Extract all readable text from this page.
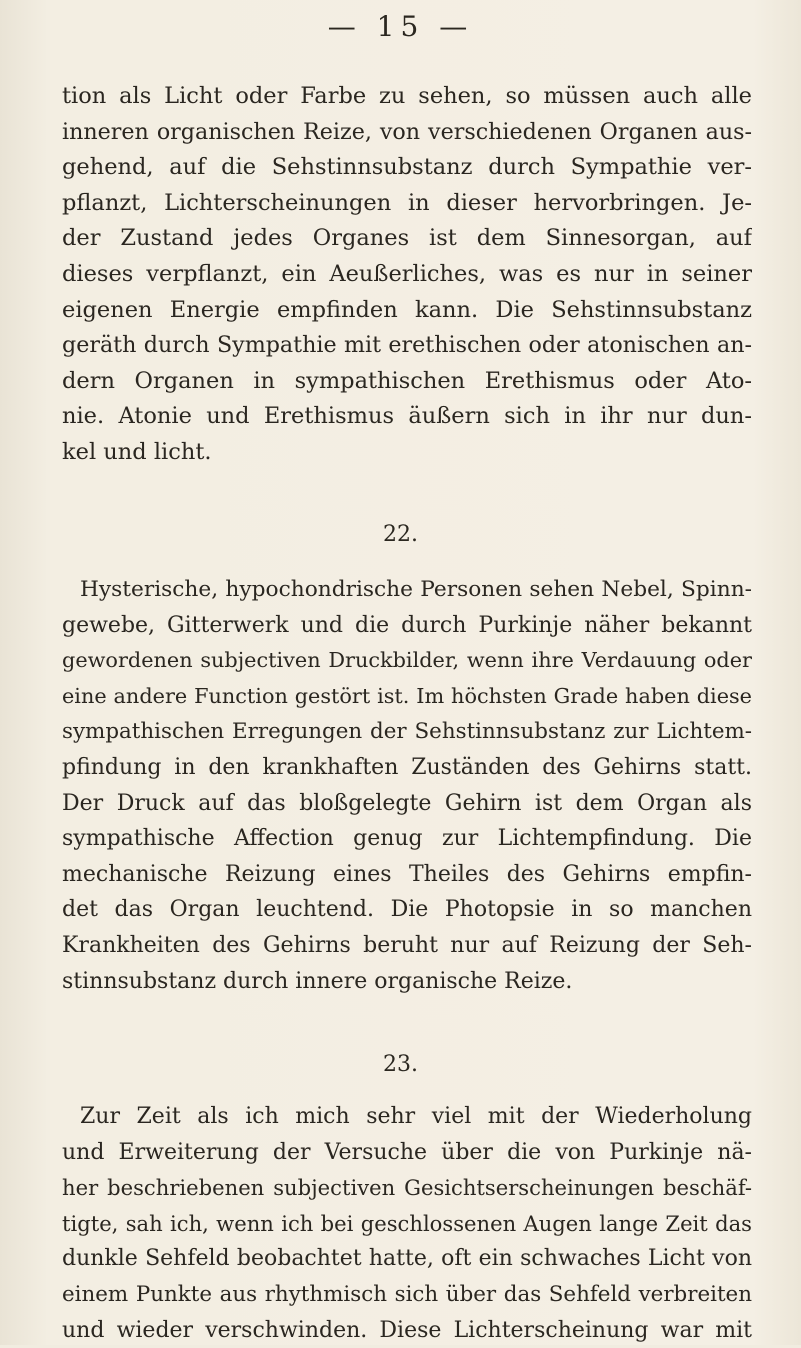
— 15 —
tion als Licht oder Farbe zu sehen, so müssen auch alle
inneren organischen Reize, von verschiedenen Organen aus-
gehend, auf die Sehstinnsubstanz durch Sympathie ver-
pflanzt, Lichterscheinungen in dieser hervorbringen. Je-
der Zustand jedes Organes ist dem Sinnesorgan, auf
dieses verpflanzt, ein Aeußerliches, was es nur in seiner
eigenen Energie empfinden kann. Die Sehstinnsubstanz
geräth durch Sympathie mit erethischen oder atonischen an-
dern Organen in sympathischen Erethismus oder Ato-
nie. Atonie und Erethismus äußern sich in ihr nur dun-
kel und licht.
22.
Hysterische, hypochondrische Personen sehen Nebel, Spinn-
gewebe, Gitterwerk und die durch Purkinje näher bekannt
gewordenen subjectiven Druckbilder, wenn ihre Verdauung oder
eine andere Function gestört ist. Im höchsten Grade haben diese
sympathischen Erregungen der Sehstinnsubstanz zur Lichtem-
pfindung in den krankhaften Zuständen des Gehirns statt.
Der Druck auf das bloßgelegte Gehirn ist dem Organ als
sympathische Affection genug zur Lichtempfindung. Die
mechanische Reizung eines Theiles des Gehirns empfin-
det das Organ leuchtend. Die Photopsie in so manchen
Krankheiten des Gehirns beruht nur auf Reizung der Seh-
stinnsubstanz durch innere organische Reize.
23.
Zur Zeit als ich mich sehr viel mit der Wiederholung
und Erweiterung der Versuche über die von Purkinje nä-
her beschriebenen subjectiven Gesichtserscheinungen beschäf-
tigte, sah ich, wenn ich bei geschlossenen Augen lange Zeit das
dunkle Sehfeld beobachtet hatte, oft ein schwaches Licht von
einem Punkte aus rhythmisch sich über das Sehfeld verbreiten
und wieder verschwinden. Diese Lichterscheinung war mit
